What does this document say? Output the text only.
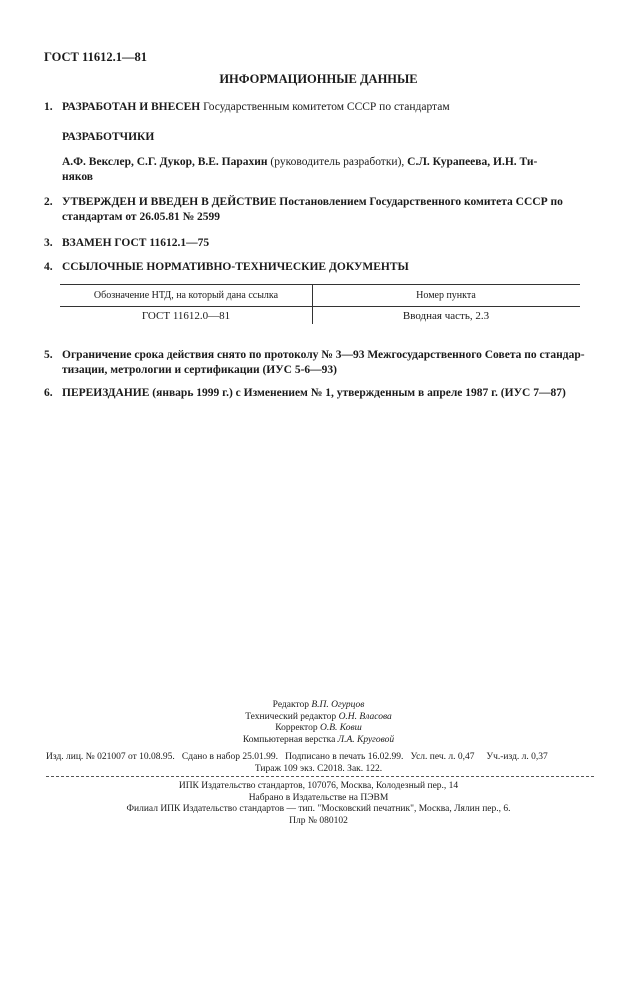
ГОСТ 11612.1—81
ИНФОРМАЦИОННЫЕ ДАННЫЕ
1. РАЗРАБОТАН И ВНЕСЕН Государственным комитетом СССР по стандартам
РАЗРАБОТЧИКИ
А.Ф. Векслер, С.Г. Дукор, В.Е. Парахин (руководитель разработки), С.Л. Курапеева, И.Н. Ти-
няков
2. УТВЕРЖДЕН И ВВЕДЕН В ДЕЙСТВИЕ Постановлением Государственного комитета СССР по
стандартам от 26.05.81 № 2599
3. ВЗАМЕН ГОСТ 11612.1—75
4. ССЫЛОЧНЫЕ НОРМАТИВНО-ТЕХНИЧЕСКИЕ ДОКУМЕНТЫ
Обозначение НТД, на который дана ссылка	Номер пункта
ГОСТ 11612.0—81	Вводная часть, 2.3
5. Ограничение срока действия снято по протоколу № 3—93 Межгосударственного Совета по стандар-
тизации, метрологии и сертификации (ИУС 5-6—93)
6. ПЕРЕИЗДАНИЕ (январь 1999 г.) с Изменением № 1, утвержденным в апреле 1987 г. (ИУС 7—87)
Редактор В.П. Огурцов
Технический редактор О.Н. Власова
Корректор О.В. Ковш
Компьютерная верстка Л.А. Круговой
Изд. лиц. № 021007 от 10.08.95.   Сдано в набор 25.01.99.   Подписано в печать 16.02.99.   Усл. печ. л. 0,47     Уч.-изд. л. 0,37
Тираж 109 экз. С2018. Зак. 122.
ИПК Издательство стандартов, 107076, Москва, Колодезный пер., 14
Набрано в Издательстве на ПЭВМ
Филиал ИПК Издательство стандартов — тип. "Московский печатник", Москва, Лялин пер., 6.
Плр № 080102
